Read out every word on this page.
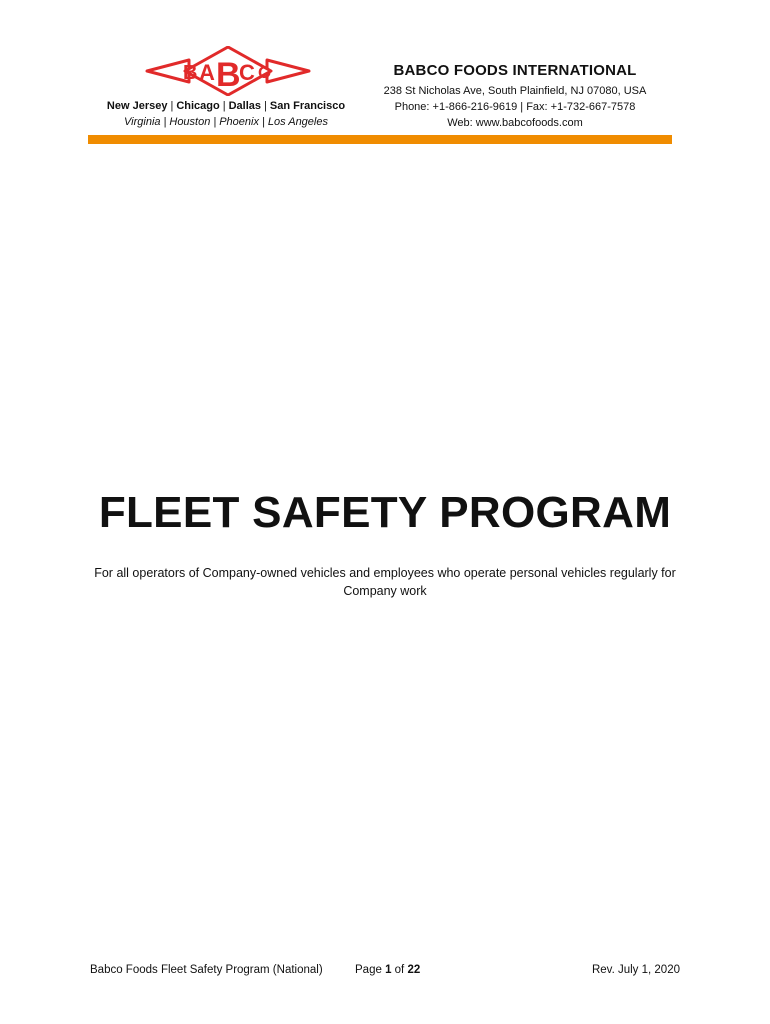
B A B
C O
New Jersey | Chicago | Dallas | San Francisco
Virginia | Houston | Phoenix | Los Angeles
BABCO FOODS INTERNATIONAL
238 St Nicholas Ave, South Plainfield, NJ 07080, USA
Phone: +1-866-216-9619 | Fax: +1-732-667-7578
Web: www.babcofoods.com
FLEET SAFETY PROGRAM
For all operators of Company-owned vehicles and employees who operate personal vehicles regularly for Company work
Babco Foods Fleet Safety Program (National)	Page 1 of 22	Rev. July 1, 2020
